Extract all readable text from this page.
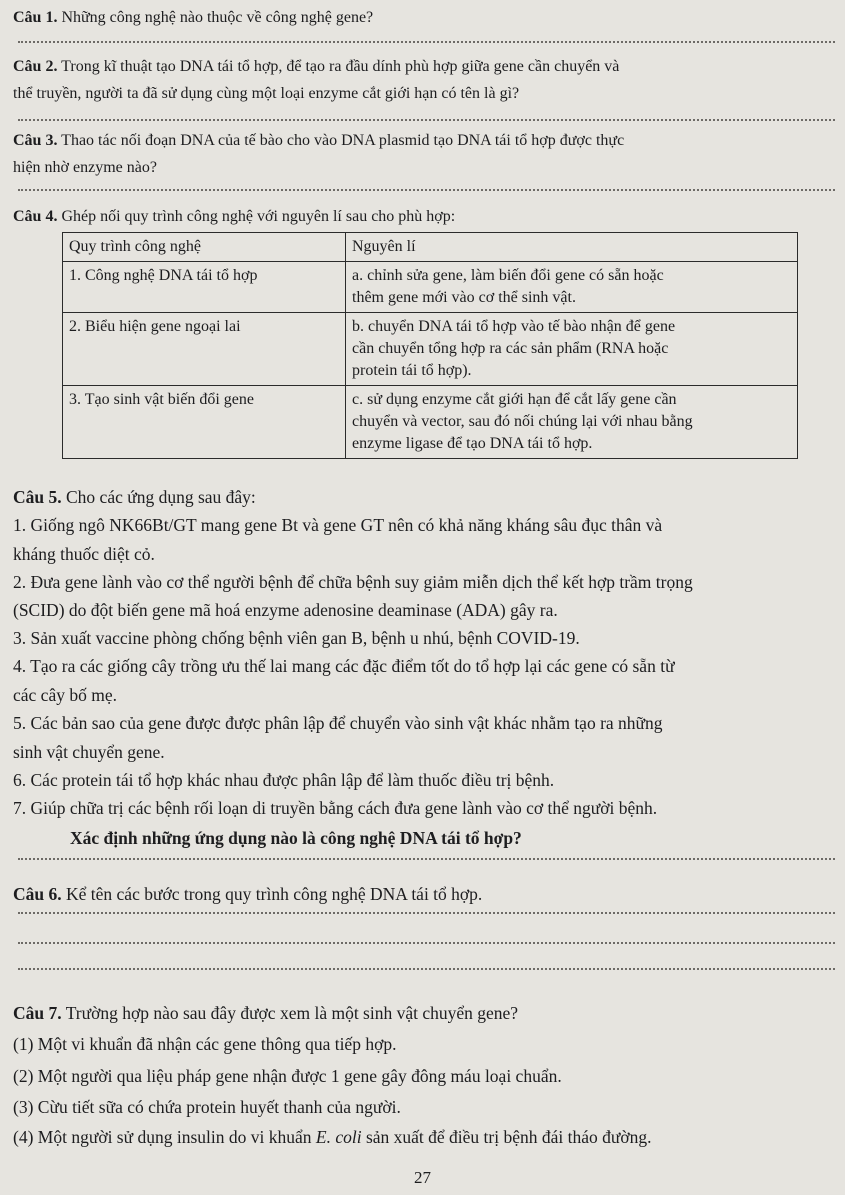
Câu 1. Những công nghệ nào thuộc về công nghệ gene?
Câu 2. Trong kĩ thuật tạo DNA tái tổ hợp, để tạo ra đầu dính phù hợp giữa gene cần chuyển và
thể truyền, người ta đã sử dụng cùng một loại enzyme cắt giới hạn có tên là gì?
Câu 3. Thao tác nối đoạn DNA của tế bào cho vào DNA plasmid tạo DNA tái tổ hợp được thực
hiện nhờ enzyme nào?
Câu 4. Ghép nối quy trình công nghệ với nguyên lí sau cho phù hợp:
Quy trình công nghệ	Nguyên lí
1. Công nghệ DNA tái tổ hợp	a. chỉnh sửa gene, làm biến đổi gene có sẵn hoặc
thêm gene mới vào cơ thể sinh vật.

2. Biểu hiện gene ngoại lai	b. chuyển DNA tái tổ hợp vào tế bào nhận để gene
cần chuyển tổng hợp ra các sản phẩm (RNA hoặc
protein tái tổ hợp).

3. Tạo sinh vật biến đổi gene	c. sử dụng enzyme cắt giới hạn để cắt lấy gene cần
chuyển và vector, sau đó nối chúng lại với nhau bằng
enzyme ligase để tạo DNA tái tổ hợp.
Câu 5. Cho các ứng dụng sau đây:
1. Giống ngô NK66Bt/GT mang gene Bt và gene GT nên có khả năng kháng sâu đục thân và
kháng thuốc diệt cỏ.
2. Đưa gene lành vào cơ thể người bệnh để chữa bệnh suy giảm miễn dịch thể kết hợp trầm trọng
(SCID) do đột biến gene mã hoá enzyme adenosine deaminase (ADA) gây ra.
3. Sản xuất vaccine phòng chống bệnh viên gan B, bệnh u nhú, bệnh COVID-19.
4. Tạo ra các giống cây trồng ưu thế lai mang các đặc điểm tốt do tổ hợp lại các gene có sẵn từ
các cây bố mẹ.
5. Các bản sao của gene được được phân lập để chuyển vào sinh vật khác nhằm tạo ra những
sinh vật chuyển gene.
6. Các protein tái tổ hợp khác nhau được phân lập để làm thuốc điều trị bệnh.
7. Giúp chữa trị các bệnh rối loạn di truyền bằng cách đưa gene lành vào cơ thể người bệnh.
Xác định những ứng dụng nào là công nghệ DNA tái tổ hợp?
Câu 6. Kể tên các bước trong quy trình công nghệ DNA tái tổ hợp.
Câu 7. Trường hợp nào sau đây được xem là một sinh vật chuyển gene?
(1) Một vi khuẩn đã nhận các gene thông qua tiếp hợp.
(2) Một người qua liệu pháp gene nhận được 1 gene gây đông máu loại chuẩn.
(3) Cừu tiết sữa có chứa protein huyết thanh của người.
(4) Một người sử dụng insulin do vi khuẩn E. coli sản xuất để điều trị bệnh đái tháo đường.
27
